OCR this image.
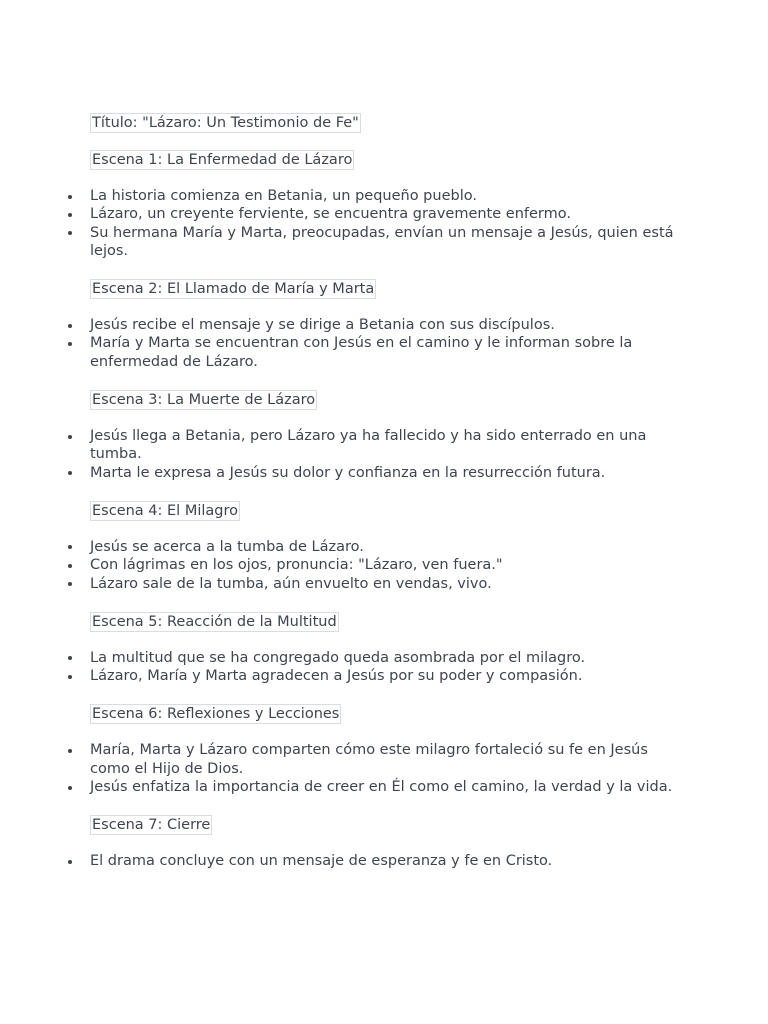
Título: "Lázaro: Un Testimonio de Fe"
Escena 1: La Enfermedad de Lázaro
La historia comienza en Betania, un pequeño pueblo.
Lázaro, un creyente ferviente, se encuentra gravemente enfermo.
Su hermana María y Marta, preocupadas, envían un mensaje a Jesús, quien está lejos.
Escena 2: El Llamado de María y Marta
Jesús recibe el mensaje y se dirige a Betania con sus discípulos.
María y Marta se encuentran con Jesús en el camino y le informan sobre la enfermedad de Lázaro.
Escena 3: La Muerte de Lázaro
Jesús llega a Betania, pero Lázaro ya ha fallecido y ha sido enterrado en una tumba.
Marta le expresa a Jesús su dolor y confianza en la resurrección futura.
Escena 4: El Milagro
Jesús se acerca a la tumba de Lázaro.
Con lágrimas en los ojos, pronuncia: "Lázaro, ven fuera."
Lázaro sale de la tumba, aún envuelto en vendas, vivo.
Escena 5: Reacción de la Multitud
La multitud que se ha congregado queda asombrada por el milagro.
Lázaro, María y Marta agradecen a Jesús por su poder y compasión.
Escena 6: Reflexiones y Lecciones
María, Marta y Lázaro comparten cómo este milagro fortaleció su fe en Jesús como el Hijo de Dios.
Jesús enfatiza la importancia de creer en Él como el camino, la verdad y la vida.
Escena 7: Cierre
El drama concluye con un mensaje de esperanza y fe en Cristo.
